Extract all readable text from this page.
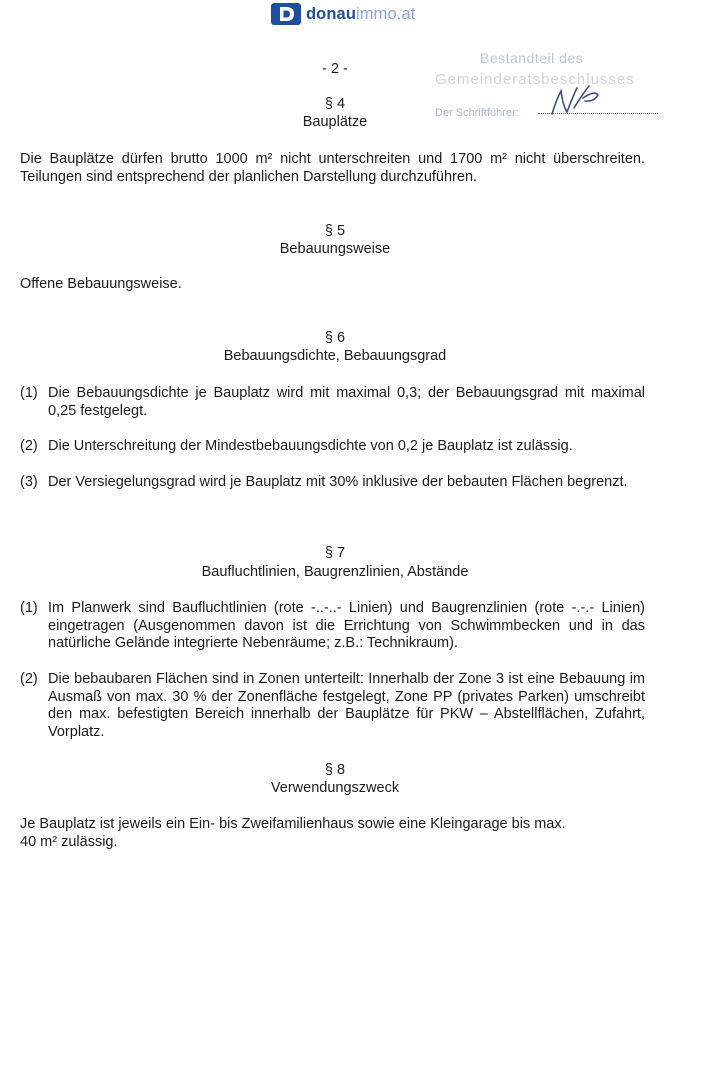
donauimmo.at
Bestandteil des
Gemeinderatsbeschlusses
Der Schriftführer:
- 2 -
§ 4
Bauplätze
Die Bauplätze dürfen brutto 1000 m² nicht unterschreiten und 1700 m² nicht überschreiten. Teilungen sind entsprechend der planlichen Darstellung durchzuführen.
§ 5
Bebauungsweise
Offene Bebauungsweise.
§ 6
Bebauungsdichte, Bebauungsgrad
(1) Die Bebauungsdichte je Bauplatz wird mit maximal 0,3; der Bebauungsgrad mit maximal 0,25 festgelegt.
(2) Die Unterschreitung der Mindestbebauungsdichte von 0,2 je Bauplatz ist zulässig.
(3) Der Versiegelungsgrad wird je Bauplatz mit 30% inklusive der bebauten Flächen begrenzt.
§ 7
Baufluchtlinien, Baugrenzlinien, Abstände
(1) Im Planwerk sind Baufluchtlinien (rote -..-..- Linien) und Baugrenzlinien (rote -.-.- Linien) eingetragen (Ausgenommen davon ist die Errichtung von Schwimmbecken und in das natürliche Gelände integrierte Nebenräume; z.B.: Technikraum).
(2) Die bebaubaren Flächen sind in Zonen unterteilt: Innerhalb der Zone 3 ist eine Bebauung im Ausmaß von max. 30 % der Zonenfläche festgelegt, Zone PP (privates Parken) umschreibt den max. befestigten Bereich innerhalb der Bauplätze für PKW – Abstellflächen, Zufahrt, Vorplatz.
§ 8
Verwendungszweck
Je Bauplatz ist jeweils ein Ein- bis Zweifamilienhaus sowie eine Kleingarage bis max. 40 m² zulässig.
